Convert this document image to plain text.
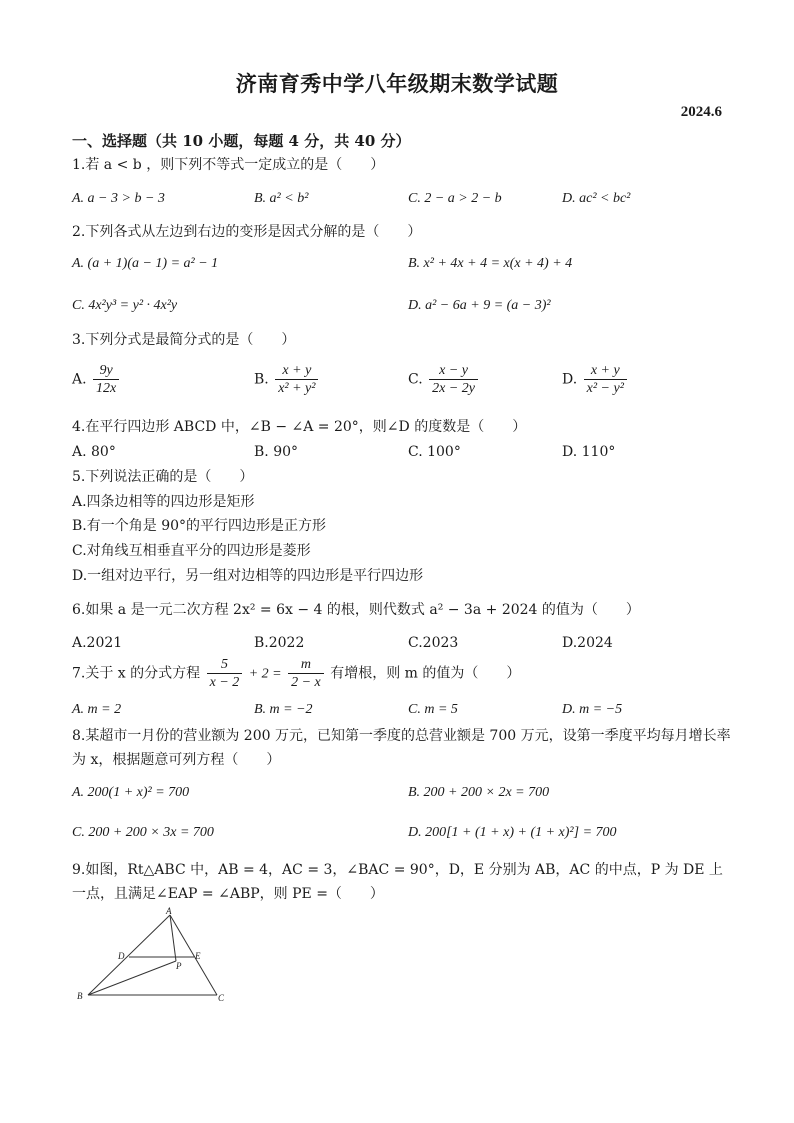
济南育秀中学八年级期末数学试题
2024.6
一、选择题（共 10 小题，每题 4 分，共 40 分）
1.若 a < b ，则下列不等式一定成立的是（　　）
A. a − 3 > b − 3	B. a² < b²	C. 2 − a > 2 − b	D. ac² < bc²
2.下列各式从左边到右边的变形是因式分解的是（　　）
A. (a + 1)(a − 1) = a² − 1	B. x² + 4x + 4 = x(x + 4) + 4
C. 4x²y³ = y² · 4x²y	D. a² − 6a + 9 = (a − 3)²
3.下列分式是最简分式的是（　　）
A. $\frac{9y}{12x}$	B. $\frac{x + y}{\text{x² + y²}}$	C. $\frac{x - y}{2x - 2y}$	D. $\frac{x + y}{\text{x² − y²}}$
4.在平行四边形 ABCD 中，∠B − ∠A = 20°，则∠D 的度数是（　　）
A. 80°	B. 90°	C. 100°	D. 110°
5.下列说法正确的是（　　）
A.四条边相等的四边形是矩形
B.有一个角是 90°的平行四边形是正方形
C.对角线互相垂直平分的四边形是菱形
D.一组对边平行，另一组对边相等的四边形是平行四边形
6.如果 a 是一元二次方程 2x² = 6x − 4 的根，则代数式 a² − 3a + 2024 的值为（　　）
A.2021	B.2022	C.2023	D.2024
7.关于 x 的分式方程 $\frac{5}{x - 2} + 2 = \frac{m}{2 - x}$ 有增根，则 m 的值为（　　）
A. m = 2	B. m = −2	C. m = 5	D. m = −5
8.某超市一月份的营业额为 200 万元，已知第一季度的总营业额是 700 万元，设第一季度平均每月增长率
为 x，根据题意可列方程（　　）
A. 200(1 + x)² = 700	B. 200 + 200 × 2x = 700
C. 200 + 200 × 3x = 700	D. 200[1 + (1 + x) + (1 + x)²] = 700
9.如图，Rt△ABC 中，AB = 4，AC = 3，∠BAC = 90°，D，E 分别为 AB，AC 的中点，P 为 DE 上
一点，且满足∠EAP = ∠ABP，则 PE =（　　）
A
B	C
D	E
P
